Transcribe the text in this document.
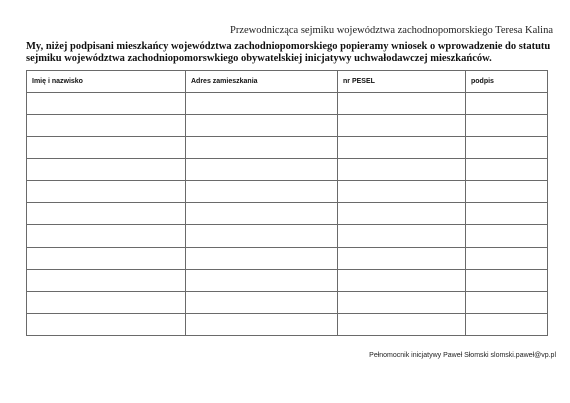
Przewodnicząca sejmiku województwa zachodnopomorskiego Teresa Kalina

My, niżej podpisani mieszkańcy województwa zachodniopomorskiego popieramy wniosek o wprowadzenie do statutu sejmiku województwa zachodniopomorswkiego obywatelskiej inicjatywy uchwałodawczej mieszkańców.

Imię i nazwisko	Adres zamieszkania	nr PESEL	podpis

Pełnomocnik inicjatywy Paweł Słomski slomski.paweł@vp.pl
